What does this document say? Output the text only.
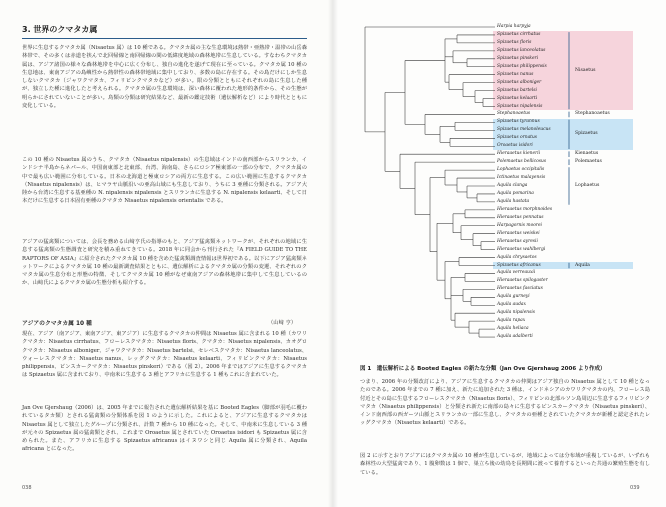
3. 世界のクマタカ属

世界に生息するクマタカ属（Nisaetus 属）は 10 種である。クマタカ属の主な生息環境は熱帯・亜熱帯・温帯の山岳森林帯で、その多くは赤道を挟んで北回帰線と南回帰線の間の低緯度地域の森林地帯に生息している。すなわちクマタカ属は、アジア諸国の様々な森林地帯を中心に広く分布し、独自の進化を遂げて現在に至っている。クマタカ属 10 種の生息地は、東南アジアの島嶼性から熱帯性の森林帯地域に集中しており、多数の島に存在する。その島だけにしか生息しないクマタカ（ジャワクマタカ、フィリピンクマタカなど）が多い。限の分類とともにそれぞれの島に生息した種が、独立した種に進化したと考えられる。クマタカ属の生息環境は、深い森林に覆われた地形的条件から、その生態が明らかにされていないことが多い。鳥類の分類は研究結果など、最新の鑑定技術（遺伝解析など）により時代とともに変化している。

この 10 種の Nisaetus 属のうち、クマタカ（Nisaetus nipalensis）の生息域はインドの南西部からスリランカ、インドシナ半島からネパール、中国南東部と北東部、台湾、海南島、さらにロシア極東部の一部の分布で、クマタカ属の中で最も広い範囲に分布している。日本の北海道と極東ロシアの両方に生息する。この広い範囲に生息するクマタカ（Nisaetus nipalensis）は、ヒマラヤ山脈沿いの亜高山域にも生息しており、うちに 3 亜種に分類される。アジア大陸から台湾に生息する基亜種の N. nipalensis nipalensis とスリランカに生息する N. nipalensis kelaarti、そして日本だけに生息する日本固有亜種のクマタカ Nisaetus nipalensis orientalis である。

アジアの猛禽類については、会長を務める山﨑亨氏の指導のもと、アジア猛禽類ネットワークが、それぞれの地域に生息する猛禽類の生態調査と研究を積み重ねてきている。2018 年に同会から刊行された『A FIELD GUIDE TO THE RAPTORS OF ASIA』に紹介されたクマタカ属 10 種を含めた猛禽類調査情報は世界初である。以下にアジア猛禽類ネットワークによるクマタカ属 10 種の最新調査結果とともに、遺伝解析によるクマタカ属の分類の変遷、それぞれのクマタカ属の生息分布と形態の特徴、そしてクマタカ属 10 種がなぜ東南アジアの森林地帯に集中して生息しているのか、山﨑氏によるクマタカ属の生態分析も紹介する。

アジアのクマタカ属 10 種	（山﨑 亨）

現在、アジア（南アジア、東南アジア、東アジア）に生息するクマタカの仲間は Nisaetus 属に含まれる 10 種（カワリクマタカ：Nisaetus cirrhatus、フローレスクマタカ：Nisaetus floris、クマタカ：Nisaetus nipalensis、カオグロクマタカ：Nisaetus alboniger、ジャワクマタカ：Nisaetus bartelsi、セレベスクマタカ：Nisaetus lanceolatus、ウォーレスクマタカ：Nisaetus nanus、レッグクマタカ：Nisaetus kelaarti、フィリピンクマタカ：Nisaetus philippensis、ピンスカークマタカ：Nisaetus pinskeri）である（図 2）。2006 年まではアジアに生息するクマタカは Spizaetus 属に含まれており、中南米に生息する 3 種とアフリカに生息する 1 種もこれに含まれていた。

Jan Ove Gjershaug（2006）は、2005 年までに報告された遺伝解析結果を基に Booted Eagles（脚部が羽毛に覆われているタカ類）とされる猛禽類の分類体系を図 1 のように示した。これによると、アジアに生息するクマタカは Nisaetus 属として独立したグループに分類され、計数 7 種から 10 種になった。そして、中南米に生息している 3 種が元々の Spizaetus 属の猛禽類とされ、これまで Oroaetus 属とされていた Oroaetus isidori も Spizaetus 属に含められた。また、アフリカに生息する Spizaetus africanus はイヌワシと同じ Aquila 属に分類され、Aquila africana とになった。

038
Nisaetus
Stephanoaetus
Spizaetus
Kienaetus
Polemaetus
Lophaetus
Aquila
Harpia harpyja
Spizaetus cirrhatus
Spizaetus floris
Spizaetus lanceolatus
Spizaetus pinskeri
Spizaetus philippensis
Spizaetus nanus
Spizaetus alboniger
Spizaetus bartelsi
Spizaetus kelaarti
Spizaetus nipalensis
Stephanoaetus
Spizaetus tyrannus
Spizaetus melanoleucus
Spizaetus ornatus
Oroaetus isidori
Hieraaetus kienerii
Polemaetus bellicosus
Lophaetus occipitalis
Ictinaetus malayensis
Aquila clanga
Aquila pomarina
Aquila hastata
Hieraaetus morphnoides
Hieraaetus pennatus
Harpagornis moorei
Hieraaetus weiskei
Hieraaetus ayresii
Hieraaetus wahlbergi
Aquila chrysaetos
Spizaetus africanus
Aquila verreauxii
Hieraaetus spilogaster
Hieraaetus fasciatus
Aquila gurneyi
Aquila audax
Aquila nipalensis
Aquila rapax
Aquila heliaca
Aquila adalberti
図 1　遺伝解析による Booted Eagles の新たな分類（Jan Ove Gjershaug 2006 より作成）

つまり、2006 年の分類改訂により、アジアに生息するクマタカの仲間はアジア独自の Nisaetus 属として 10 種となったのである。2006 年までの 7 種に加え、新たに追加された 3 種は、インドネシアのカワリクマタカの内、フローレス島付近とその島に生息するフローレスクマタカ（Nisaetus floris）、フィリピンの北部ルソン島周辺に生息するフィリピンクマタカ（Nisaetus philippensis）と分類され新たに南部の島々に生息するピンスカークマタカ（Nisaetus pinskeri）、インド南西部の西ガーツ山脈とスリランカの一部に生息し、クマタカの亜種とされていたクマタカが新種と認定されたレッグクマタカ（Nisaetus kelaarti）である。

図 2 に示すとおりアジアにはクマタカ属の 10 種が生息しているが、地域によっては分布域が重複しているが、いずれも森林性の大型猛禽であり、1 腹卵数は 1 個で、巣立ち後の幼鳥を長期間に渡って養育するといった共通の繁殖生態を有している。

039
